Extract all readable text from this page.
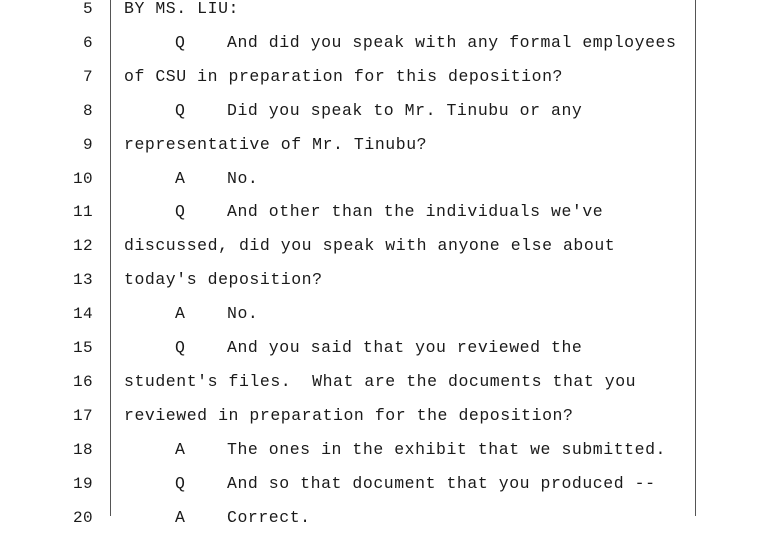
5 BY MS. LIU:
6	Q	And did you speak with any formal employees
7 of CSU in preparation for this deposition?
8	Q	Did you speak to Mr. Tinubu or any
9 representative of Mr. Tinubu?
10	A	No.
11	Q	And other than the individuals we've
12 discussed, did you speak with anyone else about
13 today's deposition?
14	A	No.
15	Q	And you said that you reviewed the
16 student's files.  What are the documents that you
17 reviewed in preparation for the deposition?
18	A	The ones in the exhibit that we submitted.
19	Q	And so that document that you produced --
20	A	Correct.
